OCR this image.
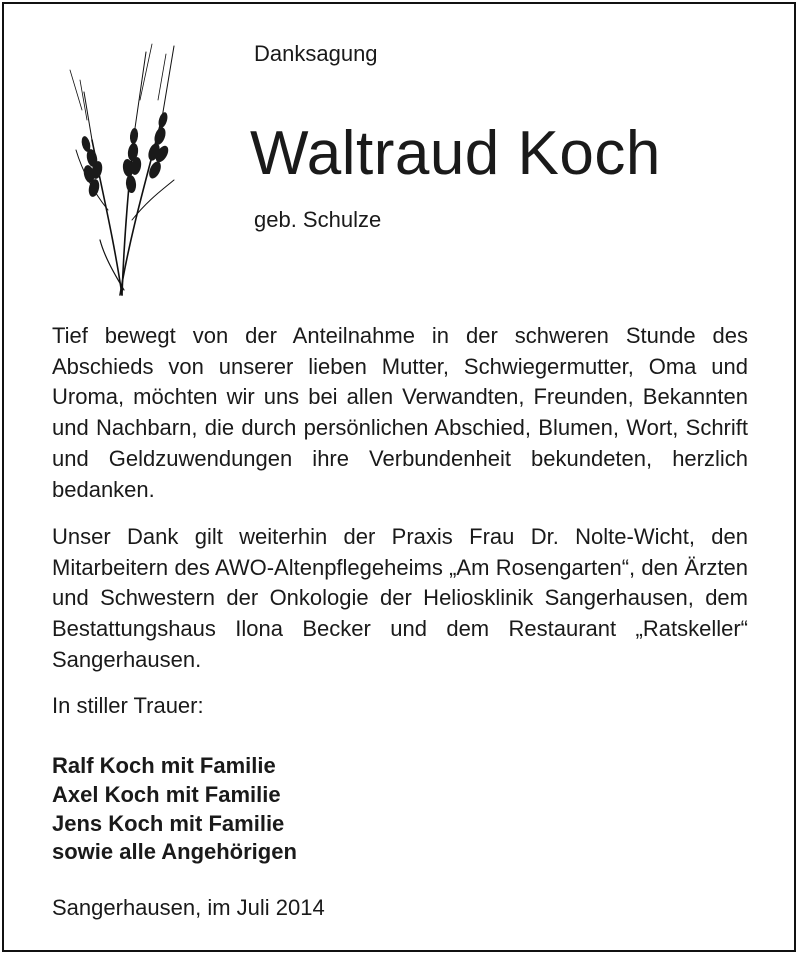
Danksagung
Waltraud Koch
geb. Schulze

Tief bewegt von der Anteilnahme in der schweren Stunde des Abschieds von unserer lieben Mutter, Schwiegermutter, Oma und Uroma, möchten wir uns bei allen Verwandten, Freunden, Bekannten und Nachbarn, die durch persönlichen Abschied, Blumen, Wort, Schrift und Geldzuwendungen ihre Verbundenheit bekundeten, herzlich bedanken.

Unser Dank gilt weiterhin der Praxis Frau Dr. Nolte-Wicht, den Mitarbeitern des AWO-Altenpflegeheims „Am Rosengarten“, den Ärzten und Schwestern der Onkologie der Heliosklinik Sangerhausen, dem Bestattungshaus Ilona Becker und dem Restaurant „Ratskeller“ Sangerhausen.

In stiller Trauer:
Ralf Koch mit Familie
Axel Koch mit Familie
Jens Koch mit Familie
sowie alle Angehörigen
Sangerhausen, im Juli 2014
